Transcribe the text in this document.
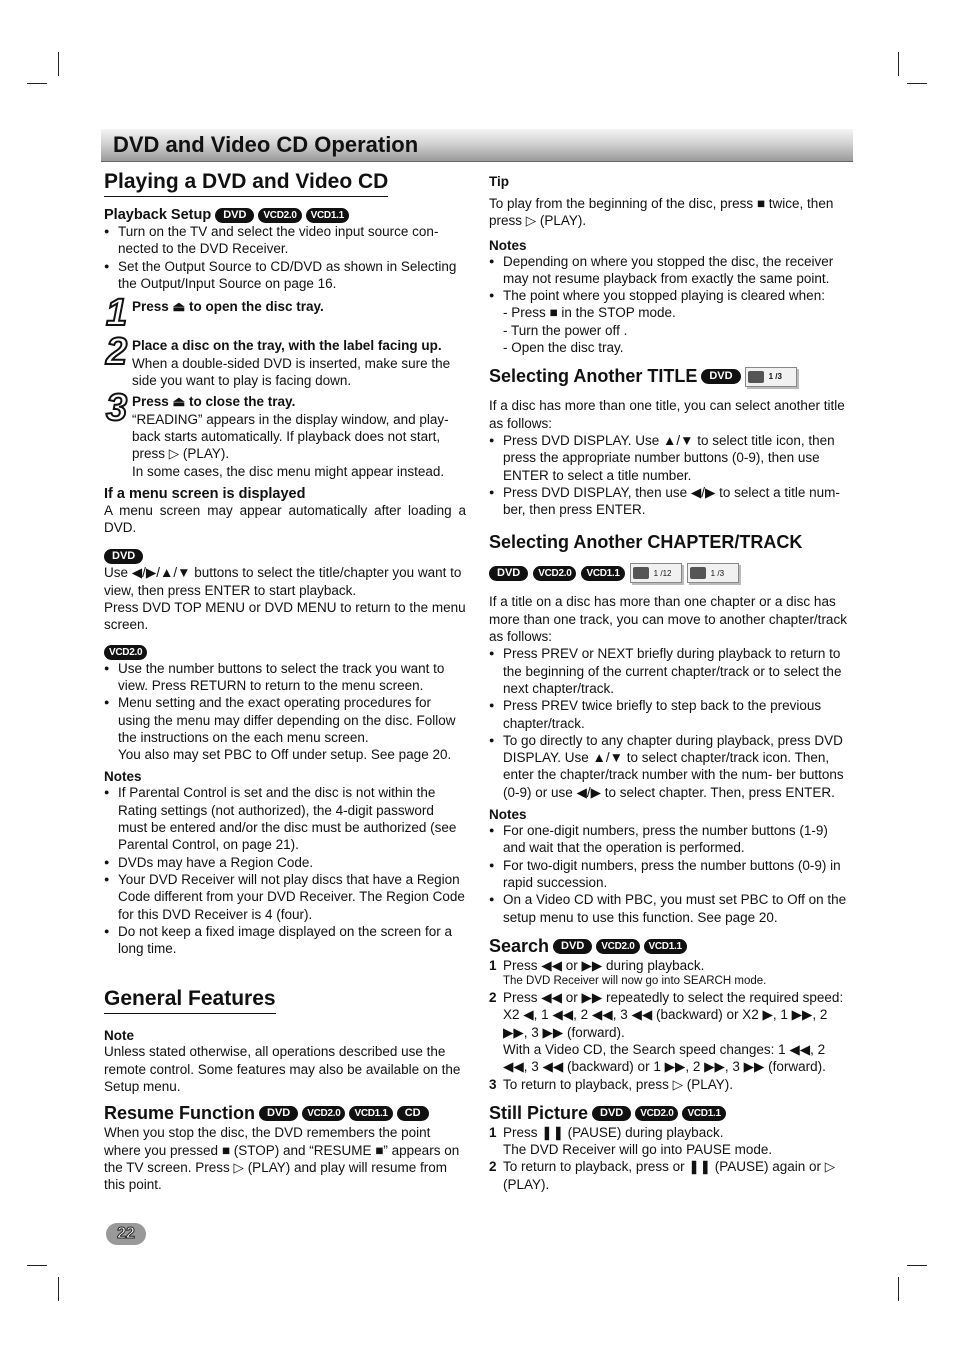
DVD and Video CD Operation
Playing a DVD and Video CD
Playback Setup	DVD	VCD2.0	VCD1.1
● Turn on the TV and select the video input source con- nected to the DVD Receiver.
● Set the Output Source to CD/DVD as shown in Selecting the Output/Input Source on page 16.
1 Press ⏏ to open the disc tray.

2 Place a disc on the tray, with the label facing up.

When a double-sided DVD is inserted, make sure the side you want to play is facing down.

3 Press ⏏ to close the tray.

“READING” appears in the display window, and play- back starts automatically. If playback does not start, press ▷ (PLAY).

In some cases, the disc menu might appear instead.

If a menu screen is displayed

A menu screen may appear automatically after loading a DVD.

DVD

Use ◀/▶/▲/▼ buttons to select the title/chapter you want to view, then press ENTER to start playback.

Press DVD TOP MENU or DVD MENU to return to the menu screen.

VCD2.0
● Use the number buttons to select the track you want to view. Press RETURN to return to the menu screen.
● Menu setting and the exact operating procedures for using the menu may differ depending on the disc. Follow the instructions on the each menu screen.
You also may set PBC to Off under setup. See page 20.
Notes
● If Parental Control is set and the disc is not within the Rating settings (not authorized), the 4-digit password must be entered and/or the disc must be authorized (see Parental Control, on page 21).
● DVDs may have a Region Code.
● Your DVD Receiver will not play discs that have a Region Code different from your DVD Receiver. The Region Code for this DVD Receiver is 4 (four).
● Do not keep a fixed image displayed on the screen for a long time.
General Features
Note

Unless stated otherwise, all operations described use the remote control. Some features may also be available on the Setup menu.

Resume Function	DVD	VCD2.0	VCD1.1	CD

When you stop the disc, the DVD remembers the point where you pressed ■ (STOP) and “RESUME ■” appears on the TV screen. Press ▷ (PLAY) and play will resume from this point.

Tip

To play from the beginning of the disc, press ■ twice, then press ▷ (PLAY).

Notes
● Depending on where you stopped the disc, the receiver may not resume playback from exactly the same point.
● The point where you stopped playing is cleared when:
- Press ■ in the STOP mode.
- Turn the power off .
- Open the disc tray.
Selecting Another TITLE	DVD	1 /3

If a disc has more than one title, you can select another title as follows:

● Press DVD DISPLAY. Use ▲/▼ to select title icon, then press the appropriate number buttons (0-9), then use ENTER to select a title number.
● Press DVD DISPLAY, then use ◀/▶ to select a title num- ber, then press ENTER.
Selecting Another CHAPTER/TRACK
DVD	VCD2.0	VCD1.1	1 /12	1 /3

If a title on a disc has more than one chapter or a disc has more than one track, you can move to another chapter/track as follows:

● Press PREV or NEXT briefly during playback to return to the beginning of the current chapter/track or to select the next chapter/track.
● Press PREV twice briefly to step back to the previous chapter/track.
● To go directly to any chapter during playback, press DVD DISPLAY. Use ▲/▼ to select chapter/track icon. Then, enter the chapter/track number with the num- ber buttons (0-9) or use ◀/▶ to select chapter. Then, press ENTER.
Notes
● For one-digit numbers, press the number buttons (1-9) and wait that the operation is performed.
● For two-digit numbers, press the number buttons (0-9) in rapid succession.
● On a Video CD with PBC, you must set PBC to Off on the setup menu to use this function. See page 20.
Search	DVD	VCD2.0	VCD1.1
1 Press ◀◀ or ▶▶ during playback.
The DVD Receiver will now go into SEARCH mode.
2 Press ◀◀ or ▶▶ repeatedly to select the required speed: X2 ◀, 1 ◀◀, 2 ◀◀, 3 ◀◀ (backward) or X2 ▶, 1 ▶▶, 2 ▶▶, 3 ▶▶ (forward).
With a Video CD, the Search speed changes: 1 ◀◀, 2 ◀◀, 3 ◀◀ (backward) or 1 ▶▶, 2 ▶▶, 3 ▶▶ (forward).
3 To return to playback, press ▷ (PLAY).
Still Picture	DVD	VCD2.0	VCD1.1
1 Press ❚❚ (PAUSE) during playback.
The DVD Receiver will go into PAUSE mode.
2 To return to playback, press or ❚❚ (PAUSE) again or ▷ (PLAY).
22
